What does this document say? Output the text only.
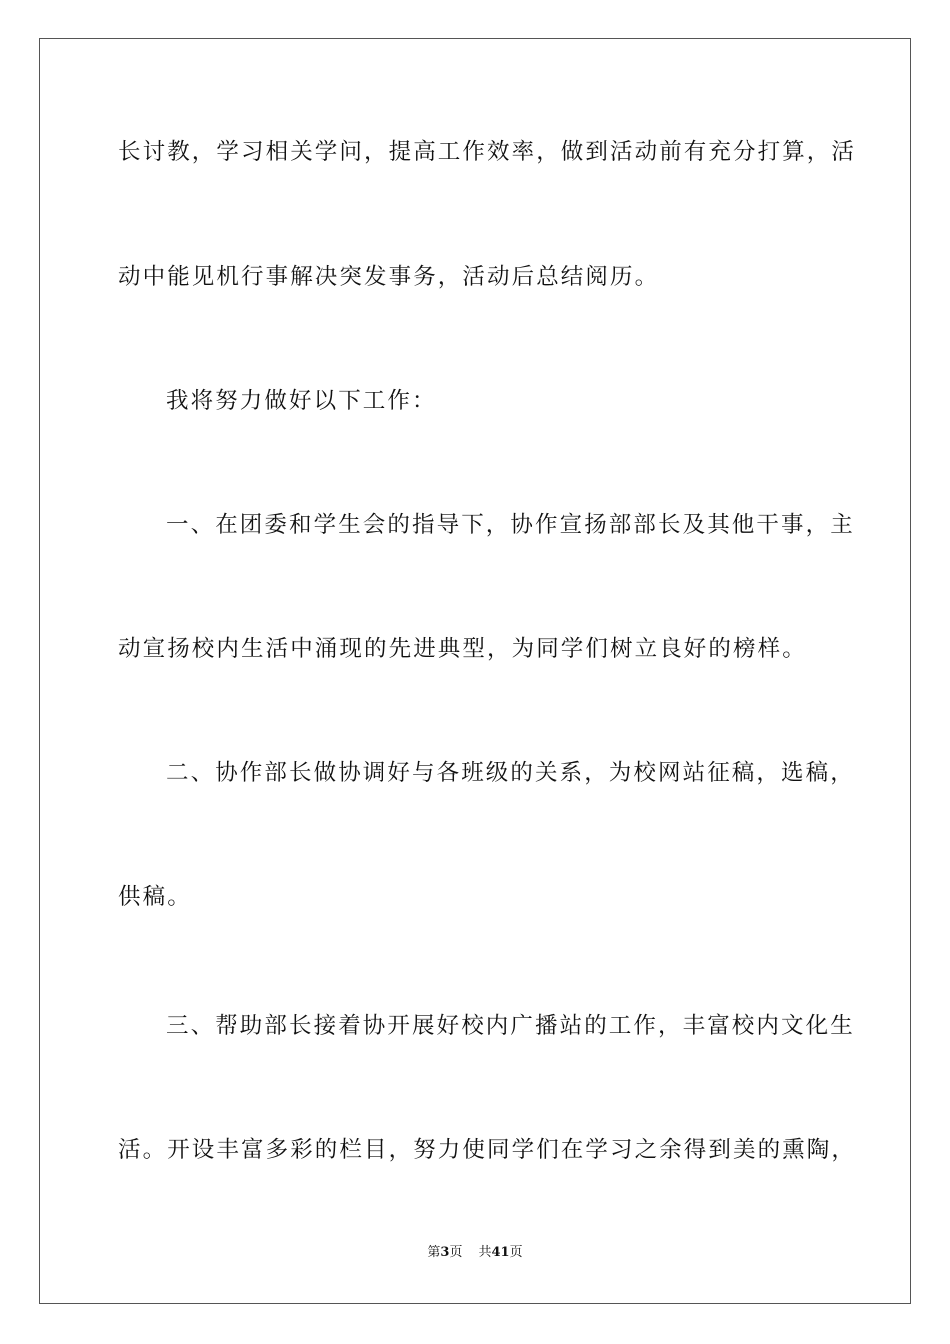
长讨教，学习相关学问，提高工作效率，做到活动前有充分打算，活
动中能见机行事解决突发事务，活动后总结阅历。
我将努力做好以下工作：
一、在团委和学生会的指导下，协作宣扬部部长及其他干事，主
动宣扬校内生活中涌现的先进典型，为同学们树立良好的榜样。
二、协作部长做协调好与各班级的关系，为校网站征稿，选稿，
供稿。
三、帮助部长接着协开展好校内广播站的工作，丰富校内文化生
活。开设丰富多彩的栏目，努力使同学们在学习之余得到美的熏陶，
第3页 共41页
